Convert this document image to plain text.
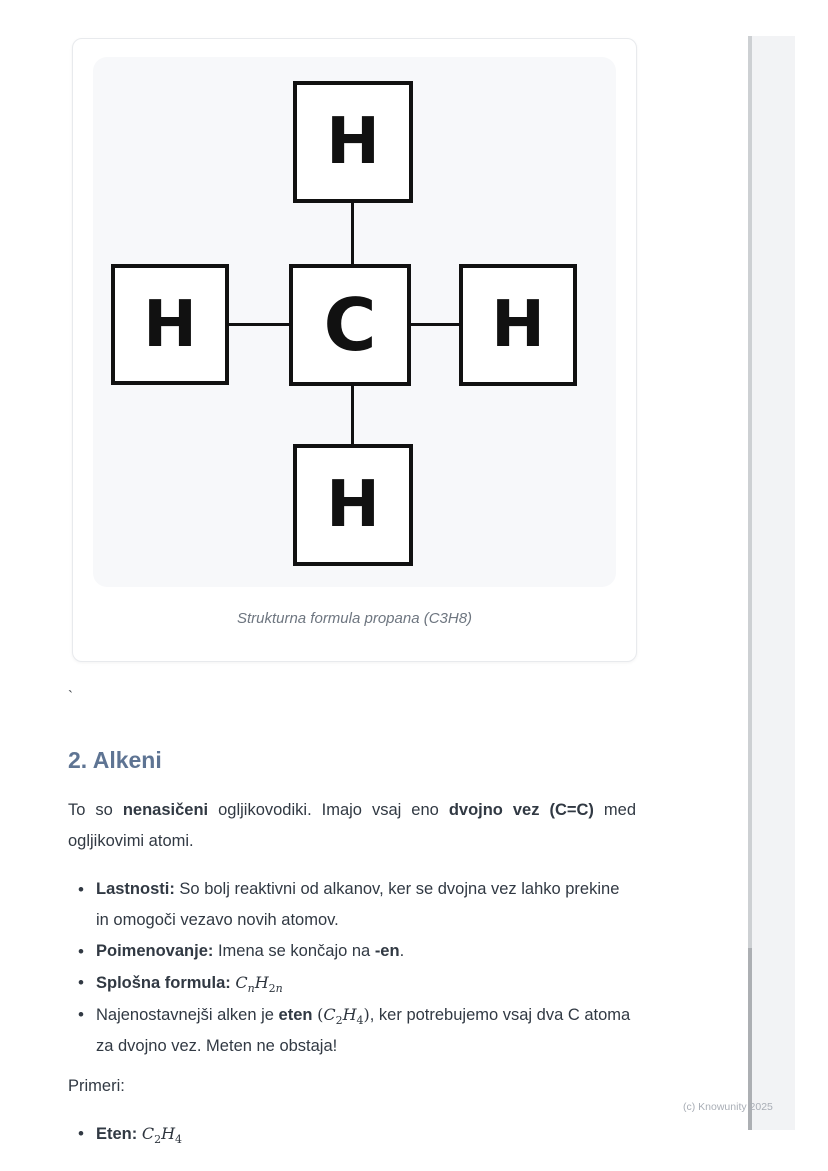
H
H C H
H
Strukturna formula propana (C3H8)
`
2. Alkeni

To so nenasičeni ogljikovodiki. Imajo vsaj eno dvojno vez (C=C) med ogljikovimi atomi.

• Lastnosti: So bolj reaktivni od alkanov, ker se dvojna vez lahko prekine in omogoči vezavo novih atomov.
• Poimenovanje: Imena se končajo na -en.
• Splošna formula: $C_nH_{2n}$
• Najenostavnejši alken je eten $(C_2H_4)$, ker potrebujemo vsaj dva C atoma za dvojno vez. Meten ne obstaja!

Primeri:

• Eten: $C_2H_4$
(c) Knowunity 2025
